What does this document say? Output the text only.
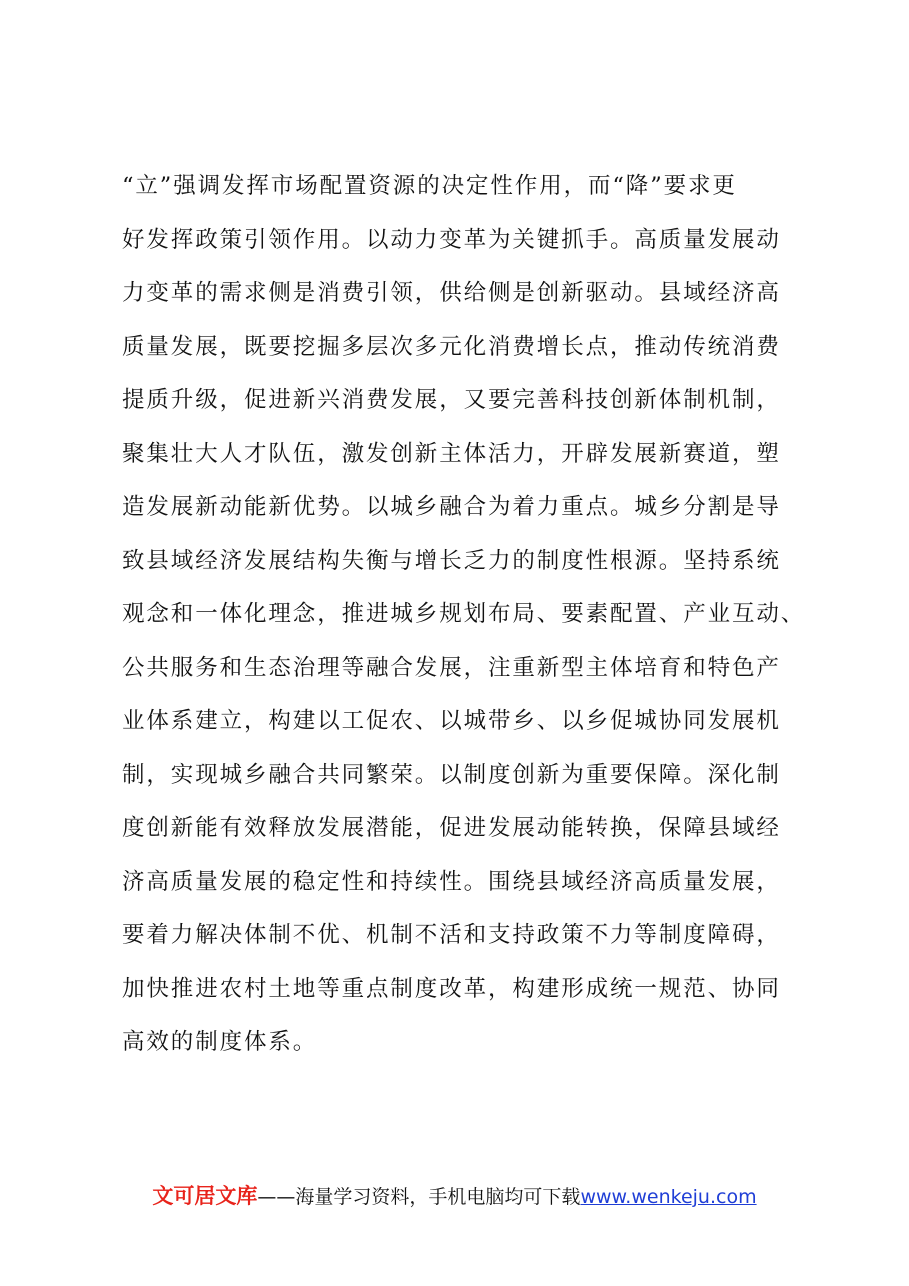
“立”强调发挥市场配置资源的决定性作用，而“降”要求更
好发挥政策引领作用。以动力变革为关键抓手。高质量发展动
力变革的需求侧是消费引领，供给侧是创新驱动。县域经济高
质量发展，既要挖掘多层次多元化消费增长点，推动传统消费
提质升级，促进新兴消费发展，又要完善科技创新体制机制，
聚集壮大人才队伍，激发创新主体活力，开辟发展新赛道，塑
造发展新动能新优势。以城乡融合为着力重点。城乡分割是导
致县域经济发展结构失衡与增长乏力的制度性根源。坚持系统
观念和一体化理念，推进城乡规划布局、要素配置、产业互动、
公共服务和生态治理等融合发展，注重新型主体培育和特色产
业体系建立，构建以工促农、以城带乡、以乡促城协同发展机
制，实现城乡融合共同繁荣。以制度创新为重要保障。深化制
度创新能有效释放发展潜能，促进发展动能转换，保障县域经
济高质量发展的稳定性和持续性。围绕县域经济高质量发展，
要着力解决体制不优、机制不活和支持政策不力等制度障碍，
加快推进农村土地等重点制度改革，构建形成统一规范、协同
高效的制度体系。
文可居文库——海量学习资料，手机电脑均可下载www.wenkeju.com
